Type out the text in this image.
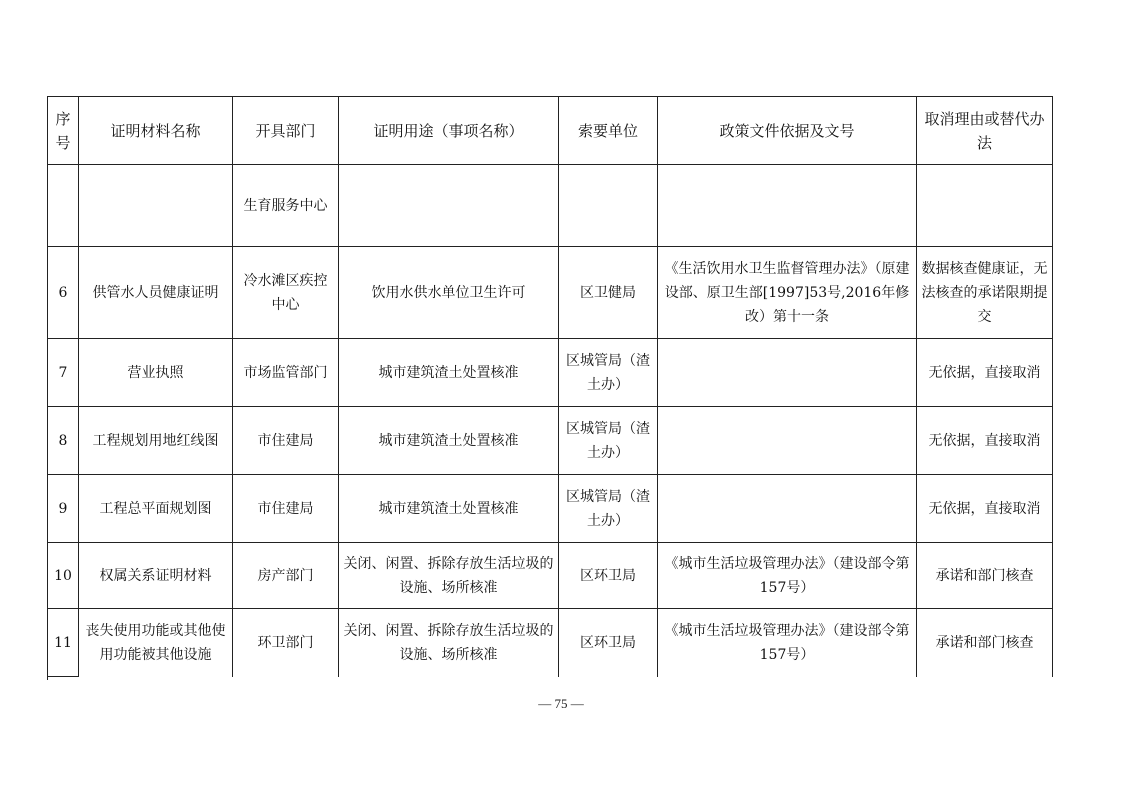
序号	证明材料名称	开具部门	证明用途（事项名称）	索要单位	政策文件依据及文号	取消理由或替代办法
		生育服务中心				
6	供管水人员健康证明	冷水滩区疾控中心	饮用水供水单位卫生许可	区卫健局	《生活饮用水卫生监督管理办法》（原建设部、原卫生部[1997]53号,2016年修改）第十一条	数据核查健康证，无法核查的承诺限期提交
7	营业执照	市场监管部门	城市建筑渣土处置核准	区城管局（渣土办）		无依据，直接取消
8	工程规划用地红线图	市住建局	城市建筑渣土处置核准	区城管局（渣土办）		无依据，直接取消
9	工程总平面规划图	市住建局	城市建筑渣土处置核准	区城管局（渣土办）		无依据，直接取消
10	权属关系证明材料	房产部门	关闭、闲置、拆除存放生活垃圾的设施、场所核准	区环卫局	《城市生活垃圾管理办法》（建设部令第157号）	承诺和部门核查
11	丧失使用功能或其他使用功能被其他设施	环卫部门	关闭、闲置、拆除存放生活垃圾的设施、场所核准	区环卫局	《城市生活垃圾管理办法》（建设部令第157号）	承诺和部门核查
— 75 —
